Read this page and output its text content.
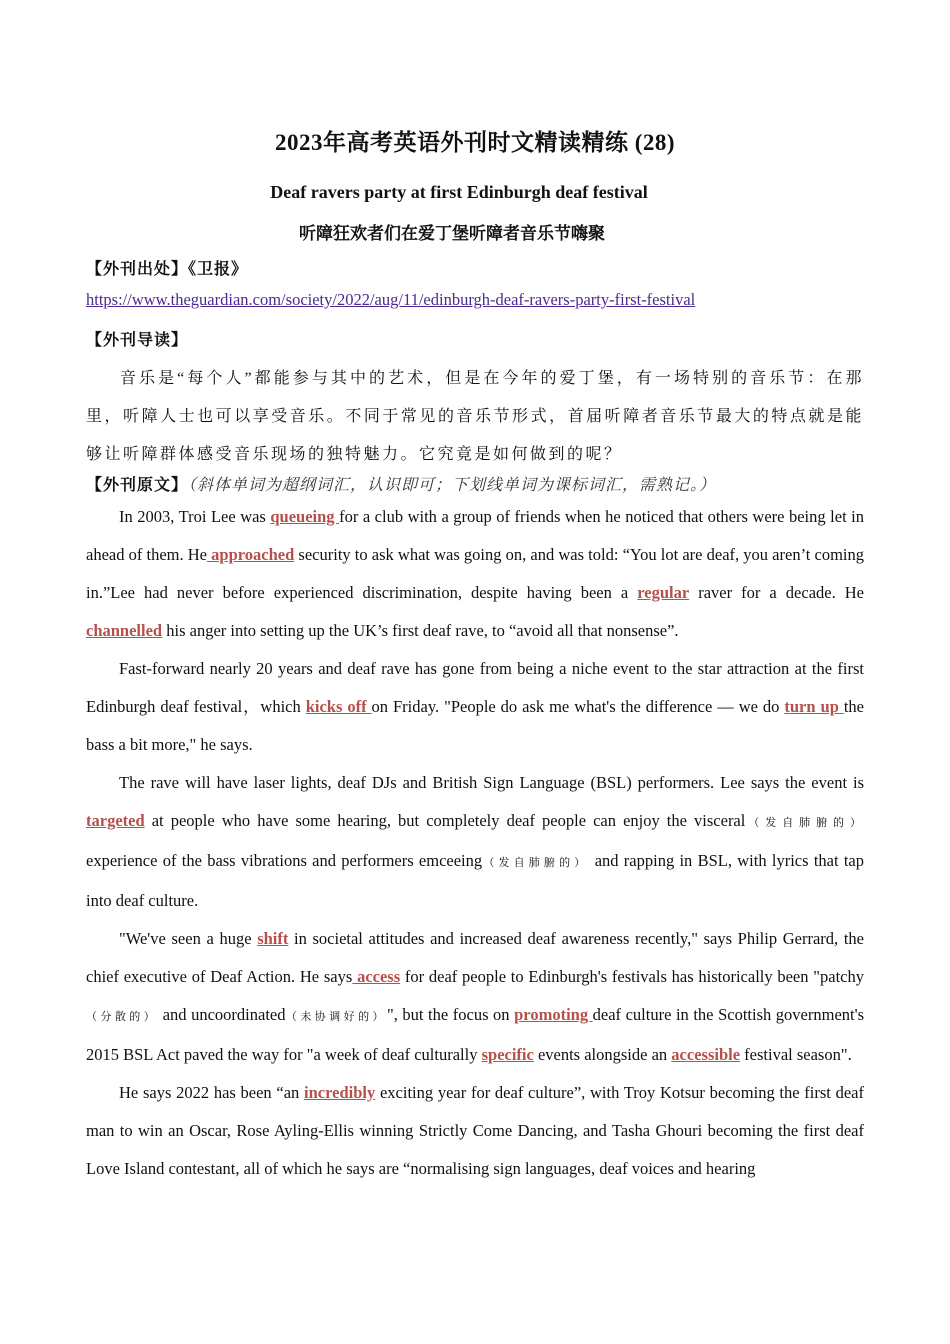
2023年高考英语外刊时文精读精练 (28)
Deaf ravers party at first Edinburgh deaf festival
听障狂欢者们在爱丁堡听障者音乐节嗨聚
【外刊出处】《卫报》
https://www.theguardian.com/society/2022/aug/11/edinburgh-deaf-ravers-party-first-festival
【外刊导读】
音乐是“每个人”都能参与其中的艺术，但是在今年的爱丁堡，有一场特别的音乐节：在那里，听障人士也可以享受音乐。不同于常见的音乐节形式，首届听障者音乐节最大的特点就是能够让听障群体感受音乐现场的独特魅力。它究竟是如何做到的呢？
【外刊原文】（斜体单词为超纲词汇，认识即可；下划线单词为课标词汇，需熟记。）

In 2003, Troi Lee was queueing for a club with a group of friends when he noticed that others were being let in ahead of them. He approached security to ask what was going on, and was told: “You lot are deaf, you aren’t coming in.”Lee had never before experienced discrimination, despite having been a regular raver for a decade. He channelled his anger into setting up the UK’s first deaf rave, to “avoid all that nonsense”.

Fast-forward nearly 20 years and deaf rave has gone from being a niche event to the star attraction at the first Edinburgh deaf festival，which kicks off on Friday. "People do ask me what's the difference — we do turn up the bass a bit more," he says.

The rave will have laser lights, deaf DJs and British Sign Language (BSL) performers. Lee says the event is targeted at people who have some hearing, but completely deaf people can enjoy the visceral（发自肺腑的） experience of the bass vibrations and performers emceeing（发自肺腑的） and rapping in BSL, with lyrics that tap into deaf culture.

"We've seen a huge shift in societal attitudes and increased deaf awareness recently," says Philip Gerrard, the chief executive of Deaf Action. He says access for deaf people to Edinburgh's festivals has historically been "patchy（分散的） and uncoordinated（未协调好的）", but the focus on promoting deaf culture in the Scottish government's 2015 BSL Act paved the way for "a week of deaf culturally specific events alongside an accessible festival season".

He says 2022 has been “an incredibly exciting year for deaf culture”, with Troy Kotsur becoming the first deaf man to win an Oscar, Rose Ayling-Ellis winning Strictly Come Dancing, and Tasha Ghouri becoming the first deaf Love Island contestant, all of which he says are “normalising sign languages, deaf voices and hearing
